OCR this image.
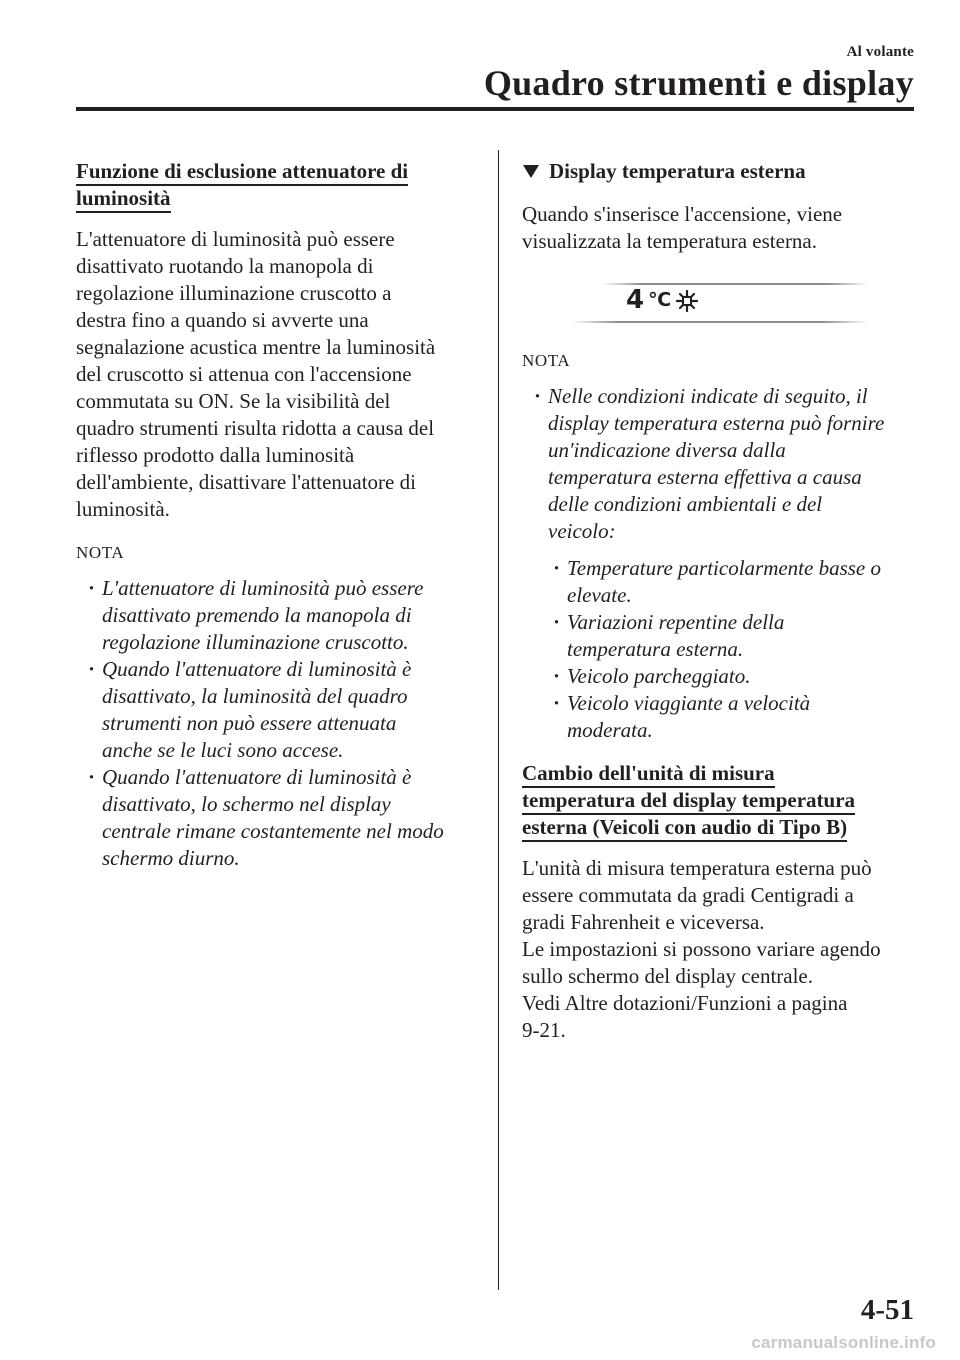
Al volante
Quadro strumenti e display
Funzione di esclusione attenuatore di
luminosità

L'attenuatore di luminosità può essere
disattivato ruotando la manopola di
regolazione illuminazione cruscotto a
destra fino a quando si avverte una
segnalazione acustica mentre la luminosità
del cruscotto si attenua con l'accensione
commutata su ON. Se la visibilità del
quadro strumenti risulta ridotta a causa del
riflesso prodotto dalla luminosità
dell'ambiente, disattivare l'attenuatore di
luminosità.

NOTA

· L'attenuatore di luminosità può essere
disattivato premendo la manopola di
regolazione illuminazione cruscotto.
· Quando l'attenuatore di luminosità è
disattivato, la luminosità del quadro
strumenti non può essere attenuata
anche se le luci sono accese.
· Quando l'attenuatore di luminosità è
disattivato, lo schermo nel display
centrale rimane costantemente nel modo
schermo diurno.
Display temperatura esterna

Quando s'inserisce l'accensione, viene
visualizzata la temperatura esterna.

4 ℃

NOTA

· Nelle condizioni indicate di seguito, il
display temperatura esterna può fornire
un'indicazione diversa dalla
temperatura esterna effettiva a causa
delle condizioni ambientali e del
veicolo:
· Temperature particolarmente basse o
elevate.
· Variazioni repentine della
temperatura esterna.
· Veicolo parcheggiato.
· Veicolo viaggiante a velocità
moderata.
Cambio dell'unità di misura
temperatura del display temperatura
esterna (Veicoli con audio di Tipo B)

L'unità di misura temperatura esterna può
essere commutata da gradi Centigradi a
gradi Fahrenheit e viceversa.
Le impostazioni si possono variare agendo
sullo schermo del display centrale.
Vedi Altre dotazioni/Funzioni a pagina
9-21.

4-51
carmanualsonline.info
